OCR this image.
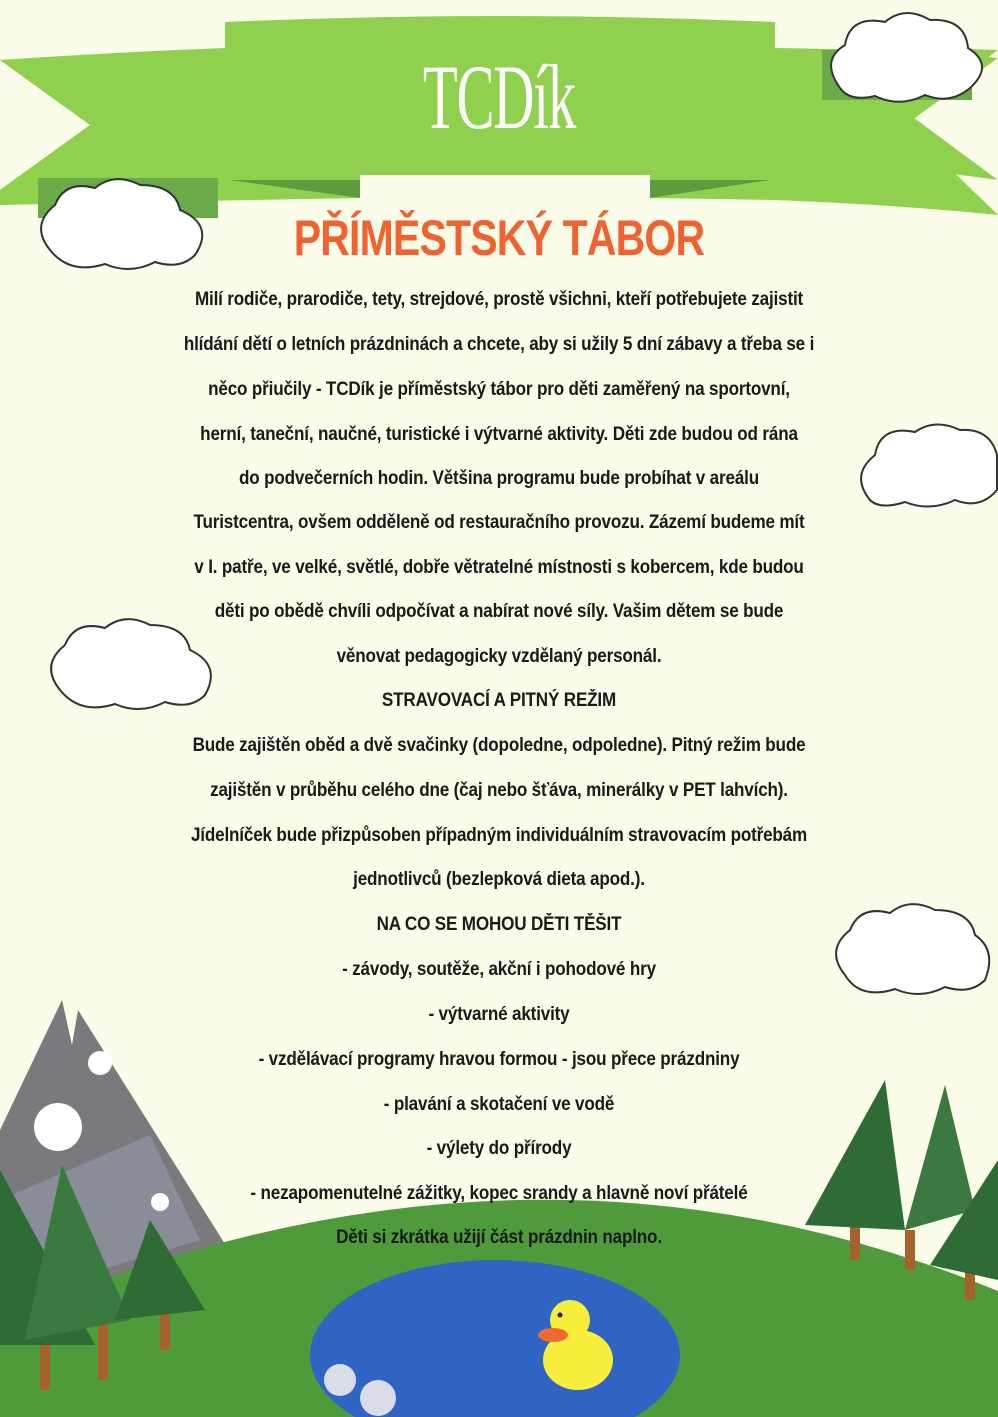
TCDík
PŘÍMĚSTSKÝ TÁBOR
Milí rodiče, prarodiče, tety, strejdové, prostě všichni, kteří potřebujete zajistit
hlídání dětí o letních prázdninách a chcete, aby si užily 5 dní zábavy a třeba se i
něco přiučily - TCDík je příměstský tábor pro děti zaměřený na sportovní,
herní, taneční, naučné, turistické i výtvarné aktivity. Děti zde budou od rána
do podvečerních hodin. Většina programu bude probíhat v areálu
Turistcentra, ovšem odděleně od restauračního provozu. Zázemí budeme mít
v I. patře, ve velké, světlé, dobře větratelné místnosti s kobercem, kde budou
děti po obědě chvíli odpočívat a nabírat nové síly. Vašim dětem se bude
věnovat pedagogicky vzdělaný personál.
STRAVOVACÍ A PITNÝ REŽIM
Bude zajištěn oběd a dvě svačinky (dopoledne, odpoledne). Pitný režim bude
zajištěn v průběhu celého dne (čaj nebo šťáva, minerálky v PET lahvích).
Jídelníček bude přizpůsoben případným individuálním stravovacím potřebám
jednotlivců (bezlepková dieta apod.).
NA CO SE MOHOU DĚTI TĚŠIT
- závody, soutěže, akční i pohodové hry
- výtvarné aktivity
- vzdělávací programy hravou formou - jsou přece prázdniny
- plavání a skotačení ve vodě
- výlety do přírody
- nezapomenutelné zážitky, kopec srandy a hlavně noví přátelé
Děti si zkrátka užijí část prázdnin naplno.
